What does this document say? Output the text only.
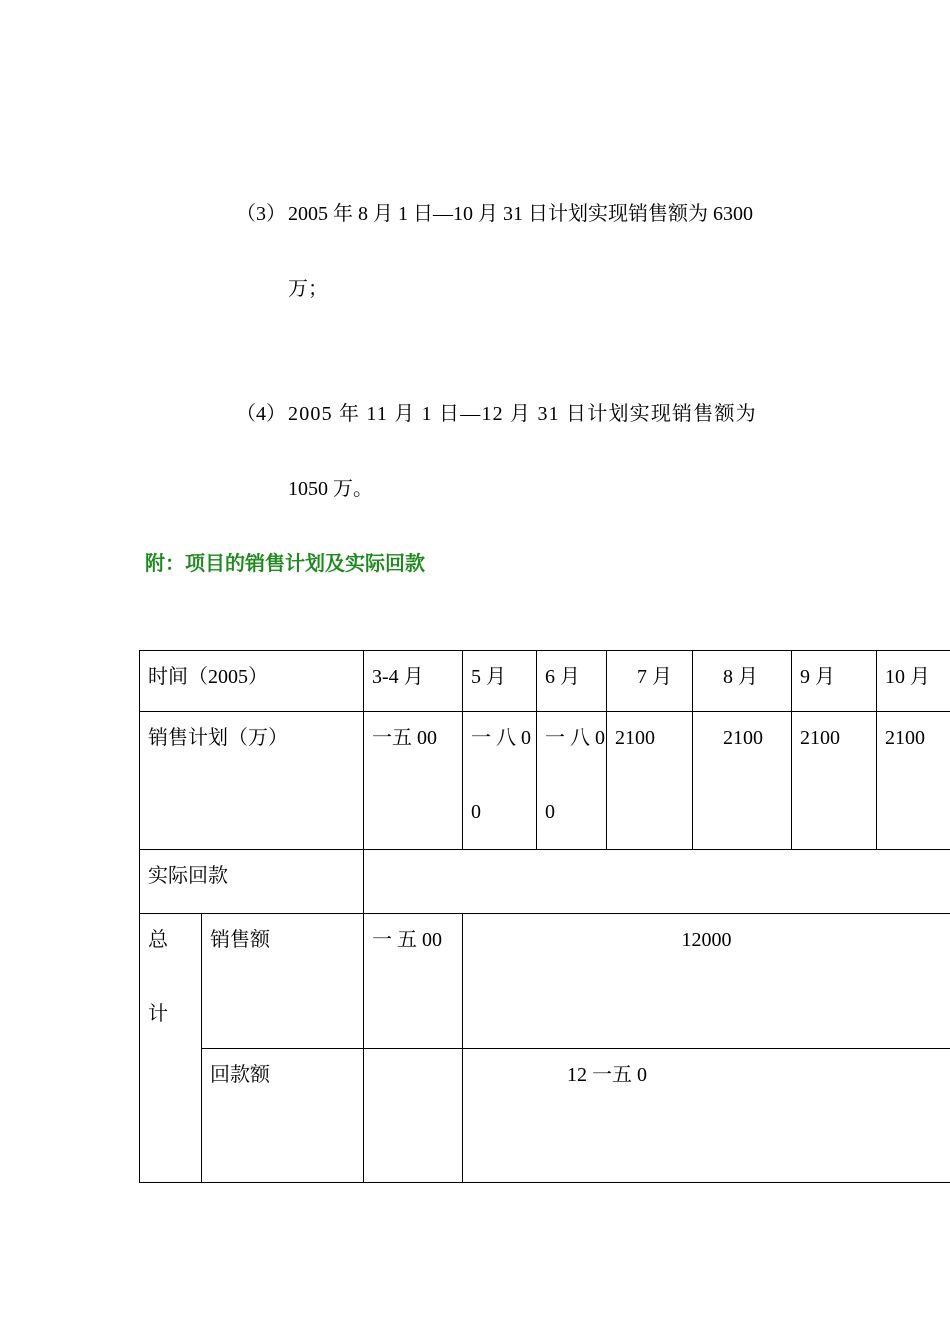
（3） 2005 年 8 月 1 日—10 月 31 日计划实现销售额为 6300
万；
（4） 2005 年 11 月 1 日—12 月 31 日计划实现销售额为
1050 万。
附：项目的销售计划及实际回款
时间（2005）		3-4 月	5 月	6 月	7 月	8 月	9 月	10 月
销售计划（万）		一五 00	一 八 00	一 八 00	2100	2100	2100	2100
实际回款								

总计	销售额	一 五 00	12000					
	回款额		12 一五 0					
